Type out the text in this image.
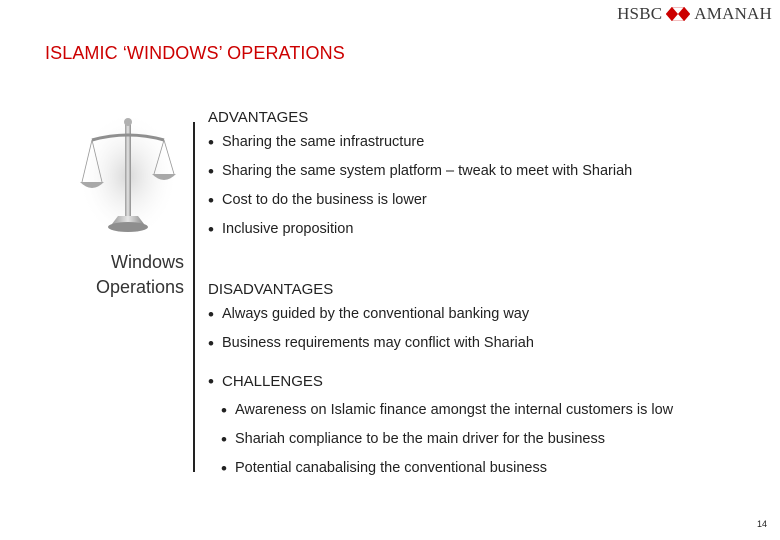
HSBC AMANAH
ISLAMIC ‘WINDOWS’ OPERATIONS
Windows
Operations
ADVANTAGES
• Sharing the same infrastructure
• Sharing the same system platform – tweak to meet with Shariah
• Cost to do the business is lower
• Inclusive proposition
DISADVANTAGES
• Always guided by the conventional banking way
• Business requirements may conflict with Shariah
• CHALLENGES
• Awareness on Islamic finance amongst the internal customers is low
• Shariah compliance to be the main driver for the business
• Potential canabalising the conventional business
14
